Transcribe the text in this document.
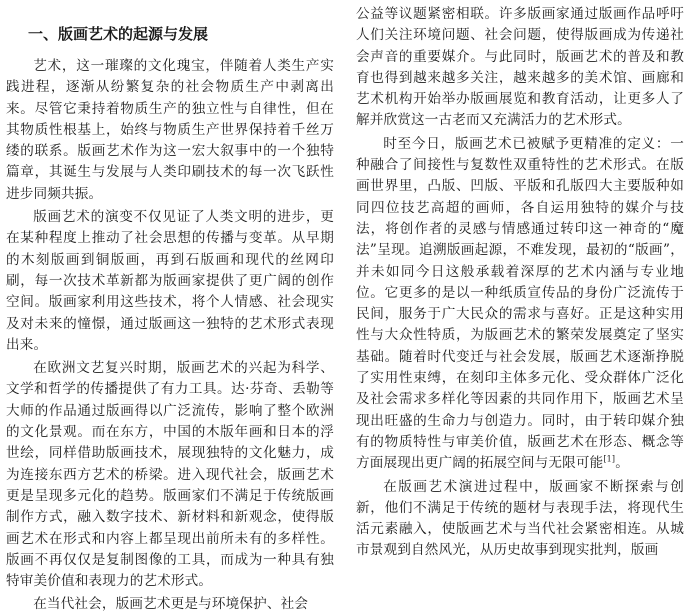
一、版画艺术的起源与发展

艺术，这一璀璨的文化瑰宝，伴随着人类生产实践进程，逐渐从纷繁复杂的社会物质生产中剥离出来。尽管它秉持着物质生产的独立性与自律性，但在其物质性根基上，始终与物质生产世界保持着千丝万缕的联系。版画艺术作为这一宏大叙事中的一个独特篇章，其诞生与发展与人类印刷技术的每一次飞跃性进步同频共振。

版画艺术的演变不仅见证了人类文明的进步，更在某种程度上推动了社会思想的传播与变革。从早期的木刻版画到铜版画，再到石版画和现代的丝网印刷，每一次技术革新都为版画家提供了更广阔的创作空间。版画家利用这些技术，将个人情感、社会现实及对未来的憧憬，通过版画这一独特的艺术形式表现出来。

在欧洲文艺复兴时期，版画艺术的兴起为科学、文学和哲学的传播提供了有力工具。达·芬奇、丢勒等大师的作品通过版画得以广泛流传，影响了整个欧洲的文化景观。而在东方，中国的木版年画和日本的浮世绘，同样借助版画技术，展现独特的文化魅力，成为连接东西方艺术的桥梁。进入现代社会，版画艺术更是呈现多元化的趋势。版画家们不满足于传统版画制作方式，融入数字技术、新材料和新观念，使得版画艺术在形式和内容上都呈现出前所未有的多样性。版画不再仅仅是复制图像的工具，而成为一种具有独特审美价值和表现力的艺术形式。

在当代社会，版画艺术更是与环境保护、社会

公益等议题紧密相联。许多版画家通过版画作品呼吁人们关注环境问题、社会问题，使得版画成为传递社会声音的重要媒介。与此同时，版画艺术的普及和教育也得到越来越多关注，越来越多的美术馆、画廊和艺术机构开始举办版画展览和教育活动，让更多人了解并欣赏这一古老而又充满活力的艺术形式。

时至今日，版画艺术已被赋予更精准的定义：一种融合了间接性与复数性双重特性的艺术形式。在版画世界里，凸版、凹版、平版和孔版四大主要版种如同四位技艺高超的画师，各自运用独特的媒介与技法，将创作者的灵感与情感通过转印这一神奇的“魔法”呈现。追溯版画起源，不难发现，最初的“版画”，并未如同今日这般承载着深厚的艺术内涵与专业地位。它更多的是以一种纸质宣传品的身份广泛流传于民间，服务于广大民众的需求与喜好。正是这种实用性与大众性特质，为版画艺术的繁荣发展奠定了坚实基础。随着时代变迁与社会发展，版画艺术逐渐挣脱了实用性束缚，在刻印主体多元化、受众群体广泛化及社会需求多样化等因素的共同作用下，版画艺术呈现出旺盛的生命力与创造力。同时，由于转印媒介独有的物质特性与审美价值，版画艺术在形态、概念等方面展现出更广阔的拓展空间与无限可能[1]。

在版画艺术演进过程中，版画家不断探索与创新，他们不满足于传统的题材与表现手法，将现代生活元素融入，使版画艺术与当代社会紧密相连。从城市景观到自然风光，从历史故事到现实批判，版画
